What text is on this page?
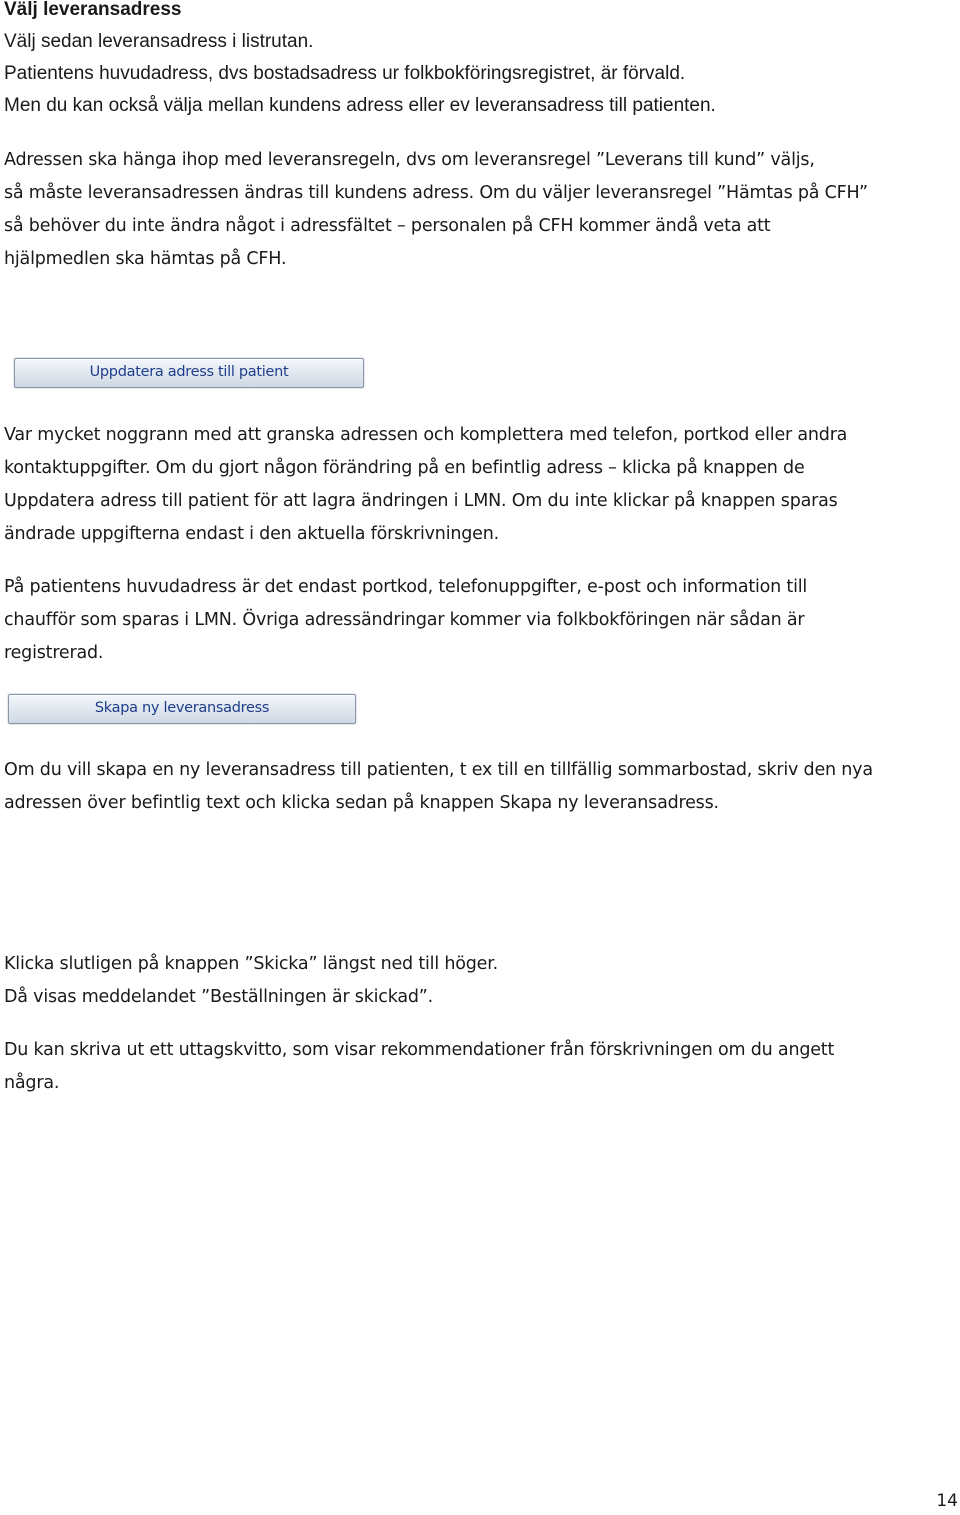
Välj leveransadress
Välj sedan leveransadress i listrutan.
Patientens huvudadress, dvs bostadsadress ur folkbokföringsregistret, är förvald.
Men du kan också välja mellan kundens adress eller ev leveransadress till patienten.
Adressen ska hänga ihop med leveransregeln, dvs om leveransregel ”Leverans till kund” väljs,
så måste leveransadressen ändras till kundens adress. Om du väljer leveransregel ”Hämtas på CFH”
så behöver du inte ändra något i adressfältet – personalen på CFH kommer ändå veta att
hjälpmedlen ska hämtas på CFH.
Uppdatera adress till patient
Var mycket noggrann med att granska adressen och komplettera med telefon, portkod eller andra
kontaktuppgifter. Om du gjort någon förändring på en befintlig adress – klicka på knappen de
Uppdatera adress till patient för att lagra ändringen i LMN. Om du inte klickar på knappen sparas
ändrade uppgifterna endast i den aktuella förskrivningen.
På patientens huvudadress är det endast portkod, telefonuppgifter, e-post och information till
chaufför som sparas i LMN. Övriga adressändringar kommer via folkbokföringen när sådan är
registrerad.
Skapa ny leveransadress
Om du vill skapa en ny leveransadress till patienten, t ex till en tillfällig sommarbostad, skriv den nya
adressen över befintlig text och klicka sedan på knappen Skapa ny leveransadress.
Klicka slutligen på knappen ”Skicka” längst ned till höger.
Då visas meddelandet ”Beställningen är skickad”.
Du kan skriva ut ett uttagskvitto, som visar rekommendationer från förskrivningen om du angett
några.
14
